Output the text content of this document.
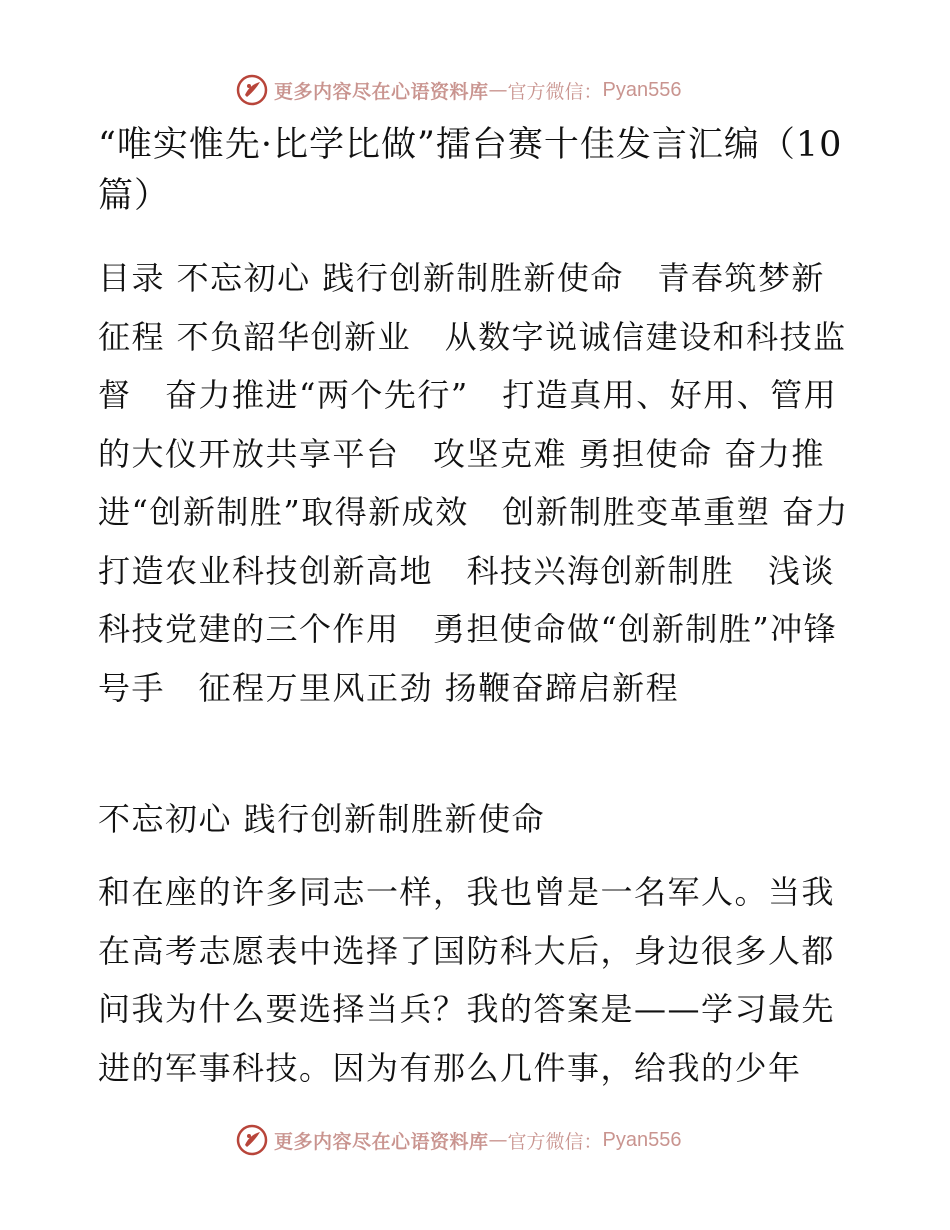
更多内容尽在心语资料库 — 官方微信： Pyan556
“唯实惟先·比学比做”擂台赛十佳发言汇编（10篇）

目录 不忘初心 践行创新制胜新使命　青春筑梦新征程 不负韶华创新业　从数字说诚信建设和科技监督　奋力推进“两个先行”　打造真用、好用、管用的大仪开放共享平台　攻坚克难 勇担使命 奋力推进“创新制胜”取得新成效　创新制胜变革重塑 奋力打造农业科技创新高地　科技兴海创新制胜　浅谈科技党建的三个作用　勇担使命做“创新制胜”冲锋号手　征程万里风正劲 扬鞭奋蹄启新程

不忘初心 践行创新制胜新使命

和在座的许多同志一样，我也曾是一名军人。当我在高考志愿表中选择了国防科大后，身边很多人都问我为什么要选择当兵？我的答案是——学习最先进的军事科技。因为有那么几件事，给我的少年

更多内容尽在心语资料库 — 官方微信： Pyan556
